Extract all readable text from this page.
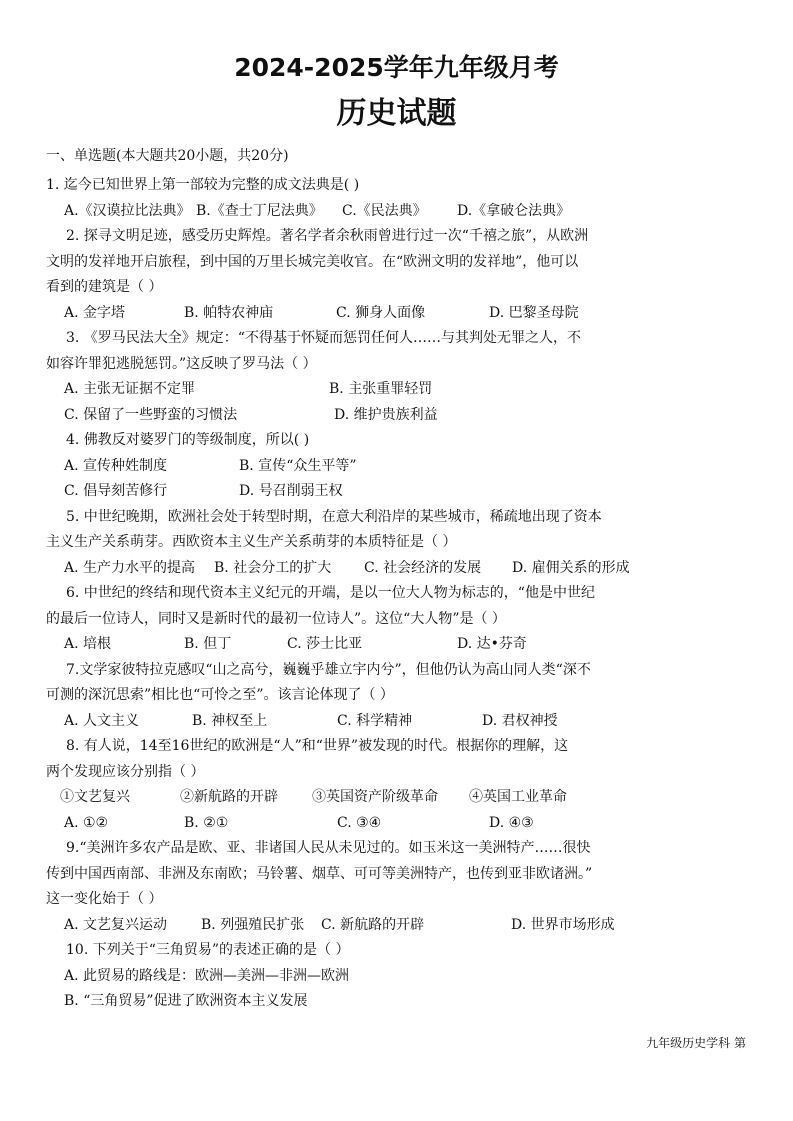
2024-2025学年九年级月考
历史试题
一、单选题(本大题共20小题，共20分)

1. 迄今已知世界上第一部较为完整的成文法典是( )

A.《汉谟拉比法典》 B.《查士丁尼法典》	C.《民法典》	D.《拿破仑法典》

2. 探寻文明足迹，感受历史辉煌。著名学者余秋雨曾进行过一次“千禧之旅”，从欧洲

文明的发祥地开启旅程，到中国的万里长城完美收官。在“欧洲文明的发祥地”，他可以

看到的建筑是（ ）

A. 金字塔	B. 帕特农神庙	C. 狮身人面像	D. 巴黎圣母院

3. 《罗马民法大全》规定：“不得基于怀疑而惩罚任何人……与其判处无罪之人，不

如容许罪犯逃脱惩罚。”这反映了罗马法（ ）

A. 主张无证据不定罪	B. 主张重罪轻罚
C. 保留了一些野蛮的习惯法	D. 维护贵族利益

4. 佛教反对婆罗门的等级制度，所以( )

A. 宣传种姓制度	B. 宣传“众生平等”
C. 倡导刻苦修行	D. 号召削弱王权

5. 中世纪晚期，欧洲社会处于转型时期，在意大利沿岸的某些城市，稀疏地出现了资本

主义生产关系萌芽。西欧资本主义生产关系萌芽的本质特征是（ ）

A. 生产力水平的提高	B. 社会分工的扩大	C. 社会经济的发展	D. 雇佣关系的形成

6. 中世纪的终结和现代资本主义纪元的开端，是以一位大人物为标志的，“他是中世纪

的最后一位诗人，同时又是新时代的最初一位诗人”。这位“大人物”是（ ）

A. 培根	B. 但丁	C. 莎士比亚	D. 达•芬奇

7.文学家彼特拉克感叹“山之高兮，巍巍乎雄立宇内兮”，但他仍认为高山同人类“深不

可测的深沉思索”相比也“可怜之至”。该言论体现了（ ）

A. 人文主义	B. 神权至上	C. 科学精神	D. 君权神授

8. 有人说，14至16世纪的欧洲是“人”和“世界”被发现的时代。根据你的理解，这

两个发现应该分别指（ ）

①文艺复兴	②新航路的开辟	③英国资产阶级革命	④英国工业革命
A. ①②	B. ②①	C. ③④	D. ④③

9.“美洲许多农产品是欧、亚、非诸国人民从未见过的。如玉米这一美洲特产……很快

传到中国西南部、非洲及东南欧；马铃薯、烟草、可可等美洲特产，也传到亚非欧诸洲。”

这一变化始于（ ）

A. 文艺复兴运动	B. 列强殖民扩张	C. 新航路的开辟	D. 世界市场形成

10. 下列关于“三角贸易”的表述正确的是（ ）

A. 此贸易的路线是：欧洲—美洲—非洲—欧洲
B. “三角贸易”促进了欧洲资本主义发展
九年级历史学科 第
